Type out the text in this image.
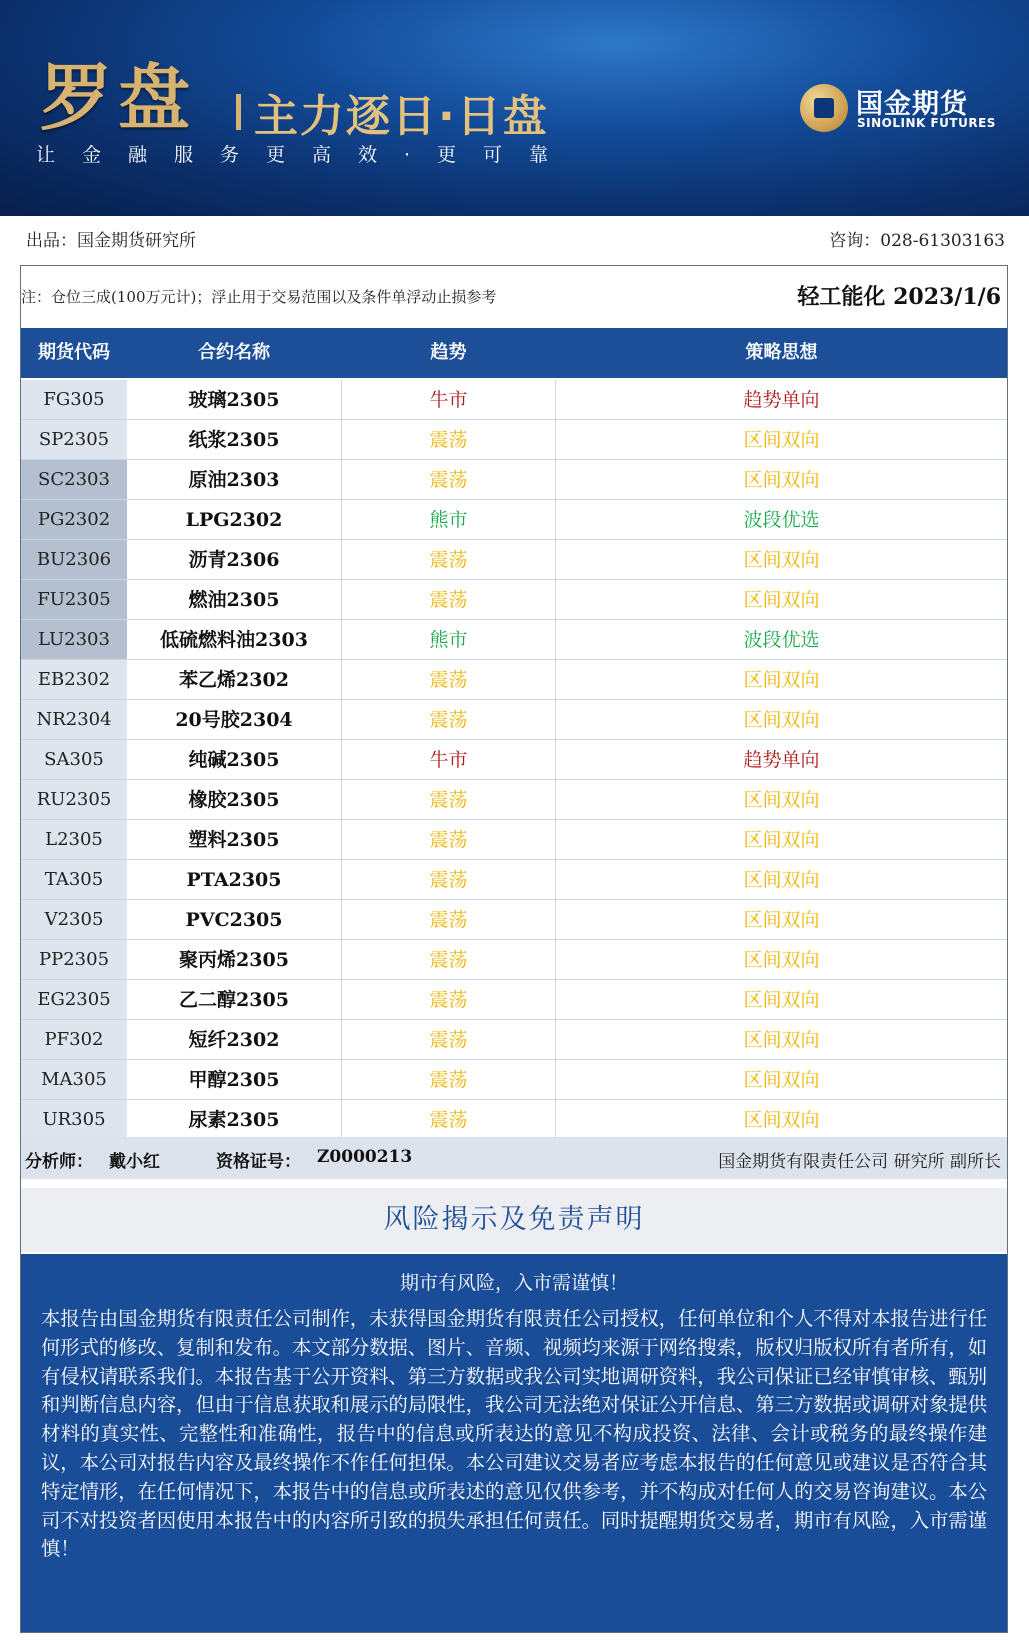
罗盘 主力逐日·日盘
让金融服务更高效·更可靠
国金期货
SINOLINK FUTURES
出品：国金期货研究所	咨询：028-61303163
注：仓位三成(100万元计)；浮止用于交易范围以及条件单浮动止损参考	轻工能化 2023/1/6
期货代码	合约名称	趋势	策略思想
FG305	玻璃2305	牛市	趋势单向
SP2305	纸浆2305	震荡	区间双向
SC2303	原油2303	震荡	区间双向
PG2302	LPG2302	熊市	波段优选
BU2306	沥青2306	震荡	区间双向
FU2305	燃油2305	震荡	区间双向
LU2303	低硫燃料油2303	熊市	波段优选
EB2302	苯乙烯2302	震荡	区间双向
NR2304	20号胶2304	震荡	区间双向
SA305	纯碱2305	牛市	趋势单向
RU2305	橡胶2305	震荡	区间双向
L2305	塑料2305	震荡	区间双向
TA305	PTA2305	震荡	区间双向
V2305	PVC2305	震荡	区间双向
PP2305	聚丙烯2305	震荡	区间双向
EG2305	乙二醇2305	震荡	区间双向
PF302	短纤2302	震荡	区间双向
MA305	甲醇2305	震荡	区间双向
UR305	尿素2305	震荡	区间双向
分析师： 戴小红	资格证号： Z0000213	国金期货有限责任公司 研究所 副所长
风险揭示及免责声明
期市有风险，入市需谨慎！
本报告由国金期货有限责任公司制作，未获得国金期货有限责任公司授权，任何单位和个人不得对本报告进行任何形式的修改、复制和发布。本文部分数据、图片、音频、视频均来源于网络搜索，版权归版权所有者所有，如有侵权请联系我们。本报告基于公开资料、第三方数据或我公司实地调研资料，我公司保证已经审慎审核、甄别和判断信息内容，但由于信息获取和展示的局限性，我公司无法绝对保证公开信息、第三方数据或调研对象提供材料的真实性、完整性和准确性，报告中的信息或所表达的意见不构成投资、法律、会计或税务的最终操作建议，本公司对报告内容及最终操作不作任何担保。本公司建议交易者应考虑本报告的任何意见或建议是否符合其特定情形，在任何情况下，本报告中的信息或所表述的意见仅供参考，并不构成对任何人的交易咨询建议。本公司不对投资者因使用本报告中的内容所引致的损失承担任何责任。同时提醒期货交易者，期市有风险，入市需谨慎！
